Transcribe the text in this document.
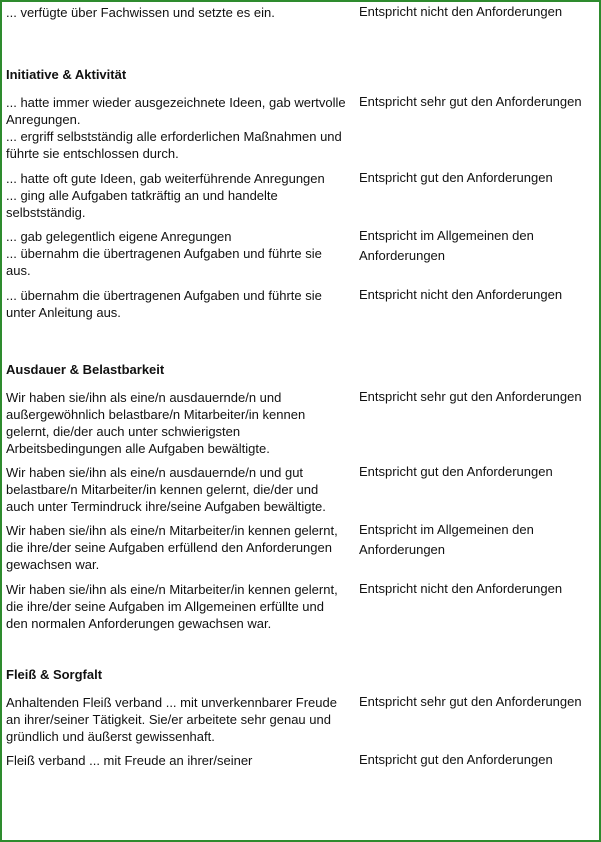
... verfügte über Fachwissen und setzte es ein.	Entspricht nicht den Anforderungen
Initiative & Aktivität
... hatte immer wieder ausgezeichnete Ideen, gab wertvolle Anregungen.
... ergriff selbstständig alle erforderlichen Maßnahmen und führte sie entschlossen durch.
Entspricht sehr gut den Anforderungen
... hatte oft gute Ideen, gab weiterführende Anregungen
... ging alle Aufgaben tatkräftig an und handelte selbstständig.
Entspricht gut den Anforderungen
... gab gelegentlich eigene Anregungen
... übernahm die übertragenen Aufgaben und führte sie aus.
Entspricht im Allgemeinen den Anforderungen
... übernahm die übertragenen Aufgaben und führte sie unter Anleitung aus.
Entspricht nicht den Anforderungen
Ausdauer & Belastbarkeit
Wir haben sie/ihn als eine/n ausdauernde/n und außergewöhnlich belastbare/n Mitarbeiter/in kennen gelernt, die/der auch unter schwierigsten Arbeitsbedingungen alle Aufgaben bewältigte.
Entspricht sehr gut den Anforderungen
Wir haben sie/ihn als eine/n ausdauernde/n und gut belastbare/n Mitarbeiter/in kennen gelernt, die/der und auch unter Termindruck ihre/seine Aufgaben bewältigte.
Entspricht gut den Anforderungen
Wir haben sie/ihn als eine/n Mitarbeiter/in kennen gelernt, die ihre/der seine Aufgaben erfüllend den Anforderungen gewachsen war.
Entspricht im Allgemeinen den Anforderungen
Wir haben sie/ihn als eine/n Mitarbeiter/in kennen gelernt, die ihre/der seine Aufgaben im Allgemeinen erfüllte und den normalen Anforderungen gewachsen war.
Entspricht nicht den Anforderungen
Fleiß & Sorgfalt
Anhaltenden Fleiß verband ... mit unverkennbarer Freude an ihrer/seiner Tätigkeit. Sie/er arbeitete sehr genau und gründlich und äußerst gewissenhaft.
Entspricht sehr gut den Anforderungen
Fleiß verband ... mit Freude an ihrer/seiner	Entspricht gut den Anforderungen
